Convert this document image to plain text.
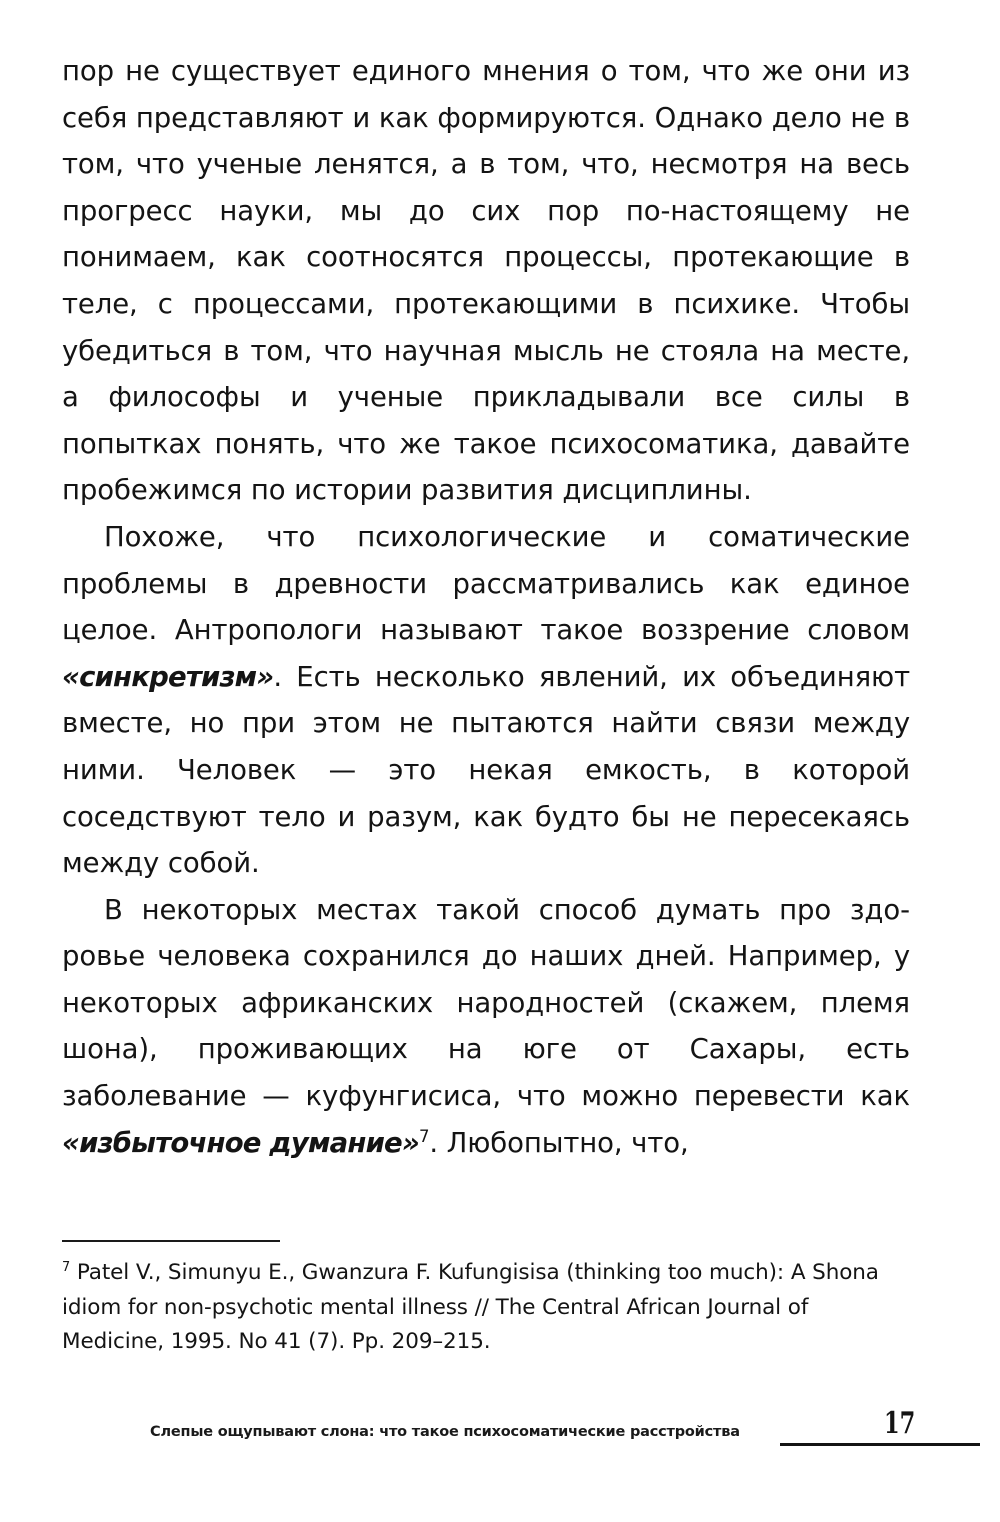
пор не существует единого мнения о том, что же они из себя представляют и как формируются. Однако дело не в том, что ученые ленятся, а в том, что, несмотря на весь прогресс науки, мы до сих пор по-настоящему не понимаем, как соотносятся процессы, протекающие в теле, с процессами, протекающими в психике. Чтобы убедиться в том, что научная мысль не стояла на месте, а философы и ученые прикладывали все силы в попытках понять, что же такое психосоматика, давайте пробежимся по истории развития дисциплины.

Похоже, что психологические и соматические проблемы в древности рассматривались как единое целое. Антропологи называют такое воззрение словом «синкретизм». Есть несколько явлений, их объединяют вместе, но при этом не пытаются найти связи между ними. Человек — это некая емкость, в которой соседствуют тело и разум, как будто бы не пересекаясь между собой.

В некоторых местах такой способ думать про здоровье человека сохранился до наших дней. Например, у некоторых африканских народностей (скажем, племя шона), проживающих на юге от Сахары, есть заболевание — куфунгисиса, что можно перевести как «избыточное думание»$^7$. Любопытно, что,

$^7$ Patel V., Simunyu E., Gwanzura F. Kufungisisa (thinking too much): A Shona idiom for non-psychotic mental illness // The Central African Journal of Medicine, 1995. No 41 (7). Pp. 209–215.

Слепые ощупывают слона: что такое психосоматические расстройства	17
